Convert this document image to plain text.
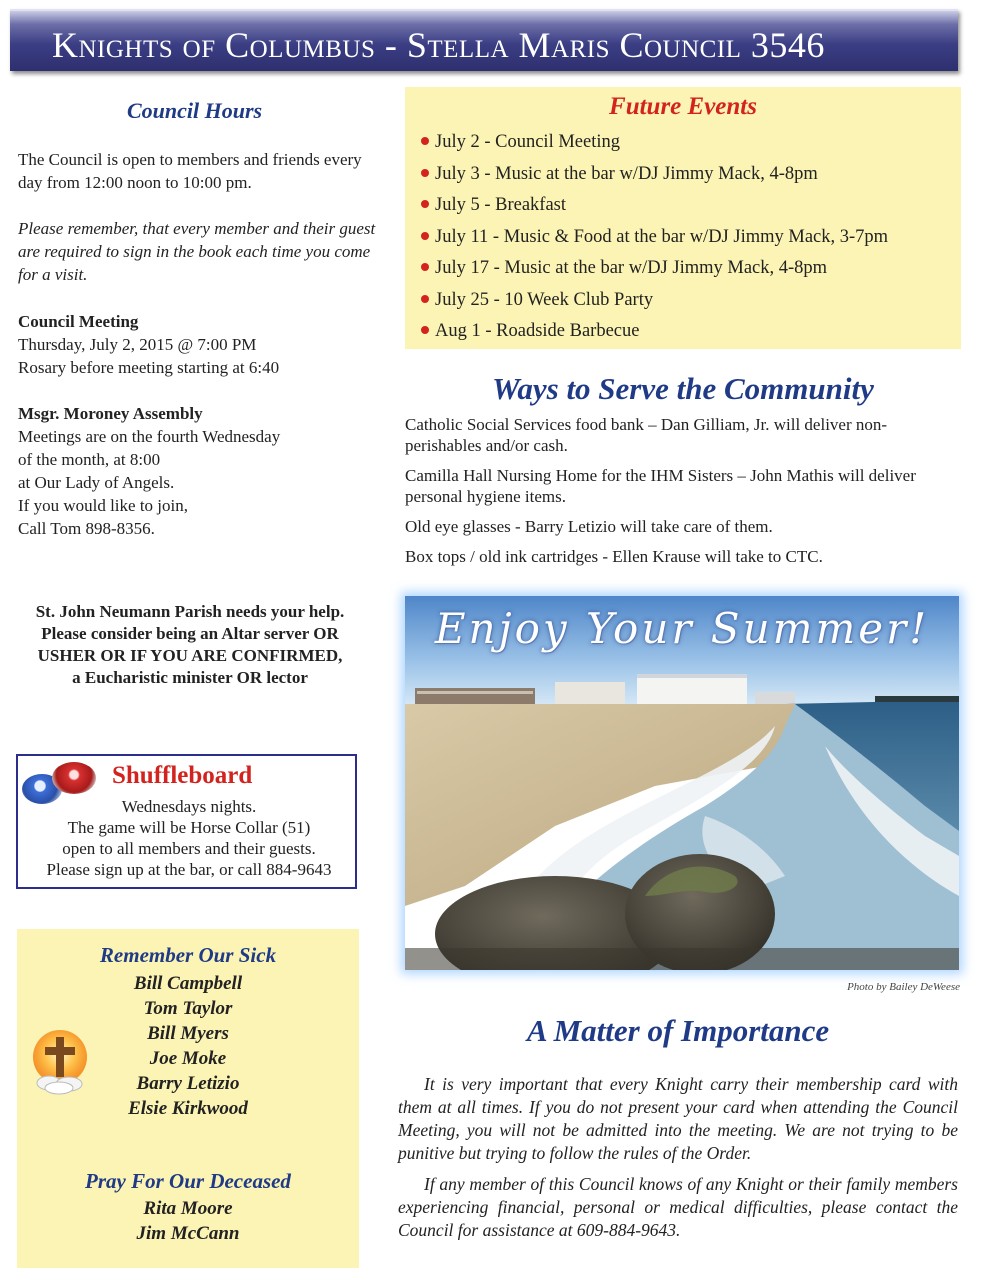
Knights of Columbus - Stella Maris Council 3546
Council Hours
The Council is open to members and friends every day from 12:00 noon to 10:00 pm.
Please remember, that every member and their guest are required to sign in the book each time you come for a visit.
Council Meeting
Thursday, July 2, 2015 @ 7:00 PM
Rosary before meeting starting at 6:40
Msgr. Moroney Assembly
Meetings are on the fourth Wednesday
of the month, at 8:00
at Our Lady of Angels.
If you would like to join,
Call Tom 898-8356.
St. John Neumann Parish needs your help.
Please consider being an Altar server OR
USHER OR IF YOU ARE CONFIRMED,
a Eucharistic minister OR lector
Shuffleboard
Wednesdays nights.
The game will be Horse Collar (51)
open to all members and their guests.
Please sign up at the bar, or call 884-9643
Remember Our Sick
Bill Campbell
Tom Taylor
Bill Myers
Joe Moke
Barry Letizio
Elsie Kirkwood
Pray For Our Deceased
Rita Moore
Jim McCann
Future Events
July 2 - Council Meeting
July 3 - Music at the bar w/DJ Jimmy Mack, 4-8pm
July 5 - Breakfast
July 11 - Music & Food at the bar w/DJ Jimmy Mack, 3-7pm
July 17 - Music at the bar w/DJ Jimmy Mack, 4-8pm
July 25 - 10 Week Club Party
Aug 1 - Roadside Barbecue
Ways to Serve the Community
Catholic Social Services food bank – Dan Gilliam, Jr. will deliver non-perishables and/or cash.
Camilla Hall Nursing Home for the IHM Sisters – John Mathis will deliver personal hygiene items.
Old eye glasses - Barry Letizio will take care of them.
Box tops / old ink cartridges - Ellen Krause will take to CTC.
Enjoy Your Summer!
Photo by Bailey DeWeese
A Matter of Importance

It is very important that every Knight carry their membership card with them at all times. If you do not present your card when attending the Council Meeting, you will not be admitted into the meeting. We are not trying to be punitive but trying to follow the rules of the Order.

If any member of this Council knows of any Knight or their family members experiencing financial, personal or medical difficulties, please contact the Council for assistance at 609-884-9643.
